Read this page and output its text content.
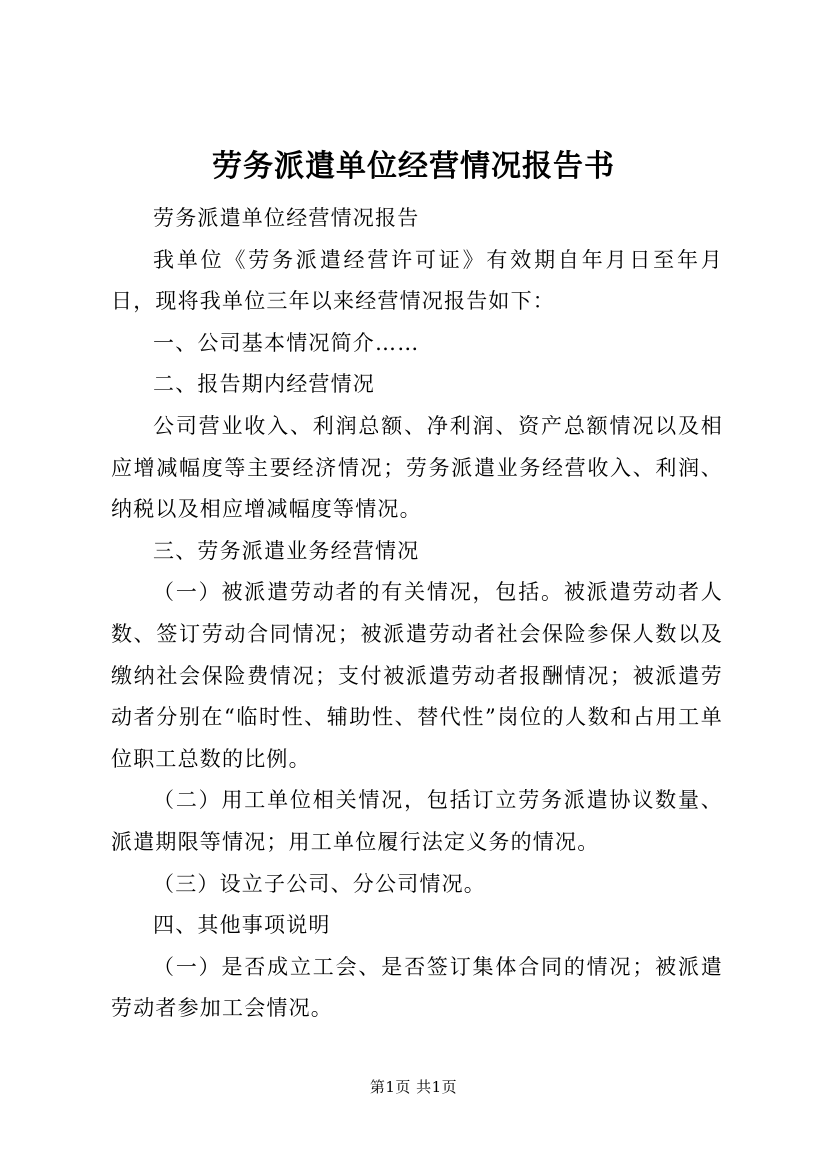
劳务派遣单位经营情况报告书

劳务派遣单位经营情况报告

我单位《劳务派遣经营许可证》有效期自年月日至年月日，现将我单位三年以来经营情况报告如下：

一、公司基本情况简介……

二、报告期内经营情况

公司营业收入、利润总额、净利润、资产总额情况以及相应增减幅度等主要经济情况；劳务派遣业务经营收入、利润、纳税以及相应增减幅度等情况。

三、劳务派遣业务经营情况

（一）被派遣劳动者的有关情况，包括。被派遣劳动者人数、签订劳动合同情况；被派遣劳动者社会保险参保人数以及缴纳社会保险费情况；支付被派遣劳动者报酬情况；被派遣劳动者分别在“临时性、辅助性、替代性”岗位的人数和占用工单位职工总数的比例。

（二）用工单位相关情况，包括订立劳务派遣协议数量、派遣期限等情况；用工单位履行法定义务的情况。

（三）设立子公司、分公司情况。

四、其他事项说明

（一）是否成立工会、是否签订集体合同的情况；被派遣劳动者参加工会情况。

第1页 共1页
